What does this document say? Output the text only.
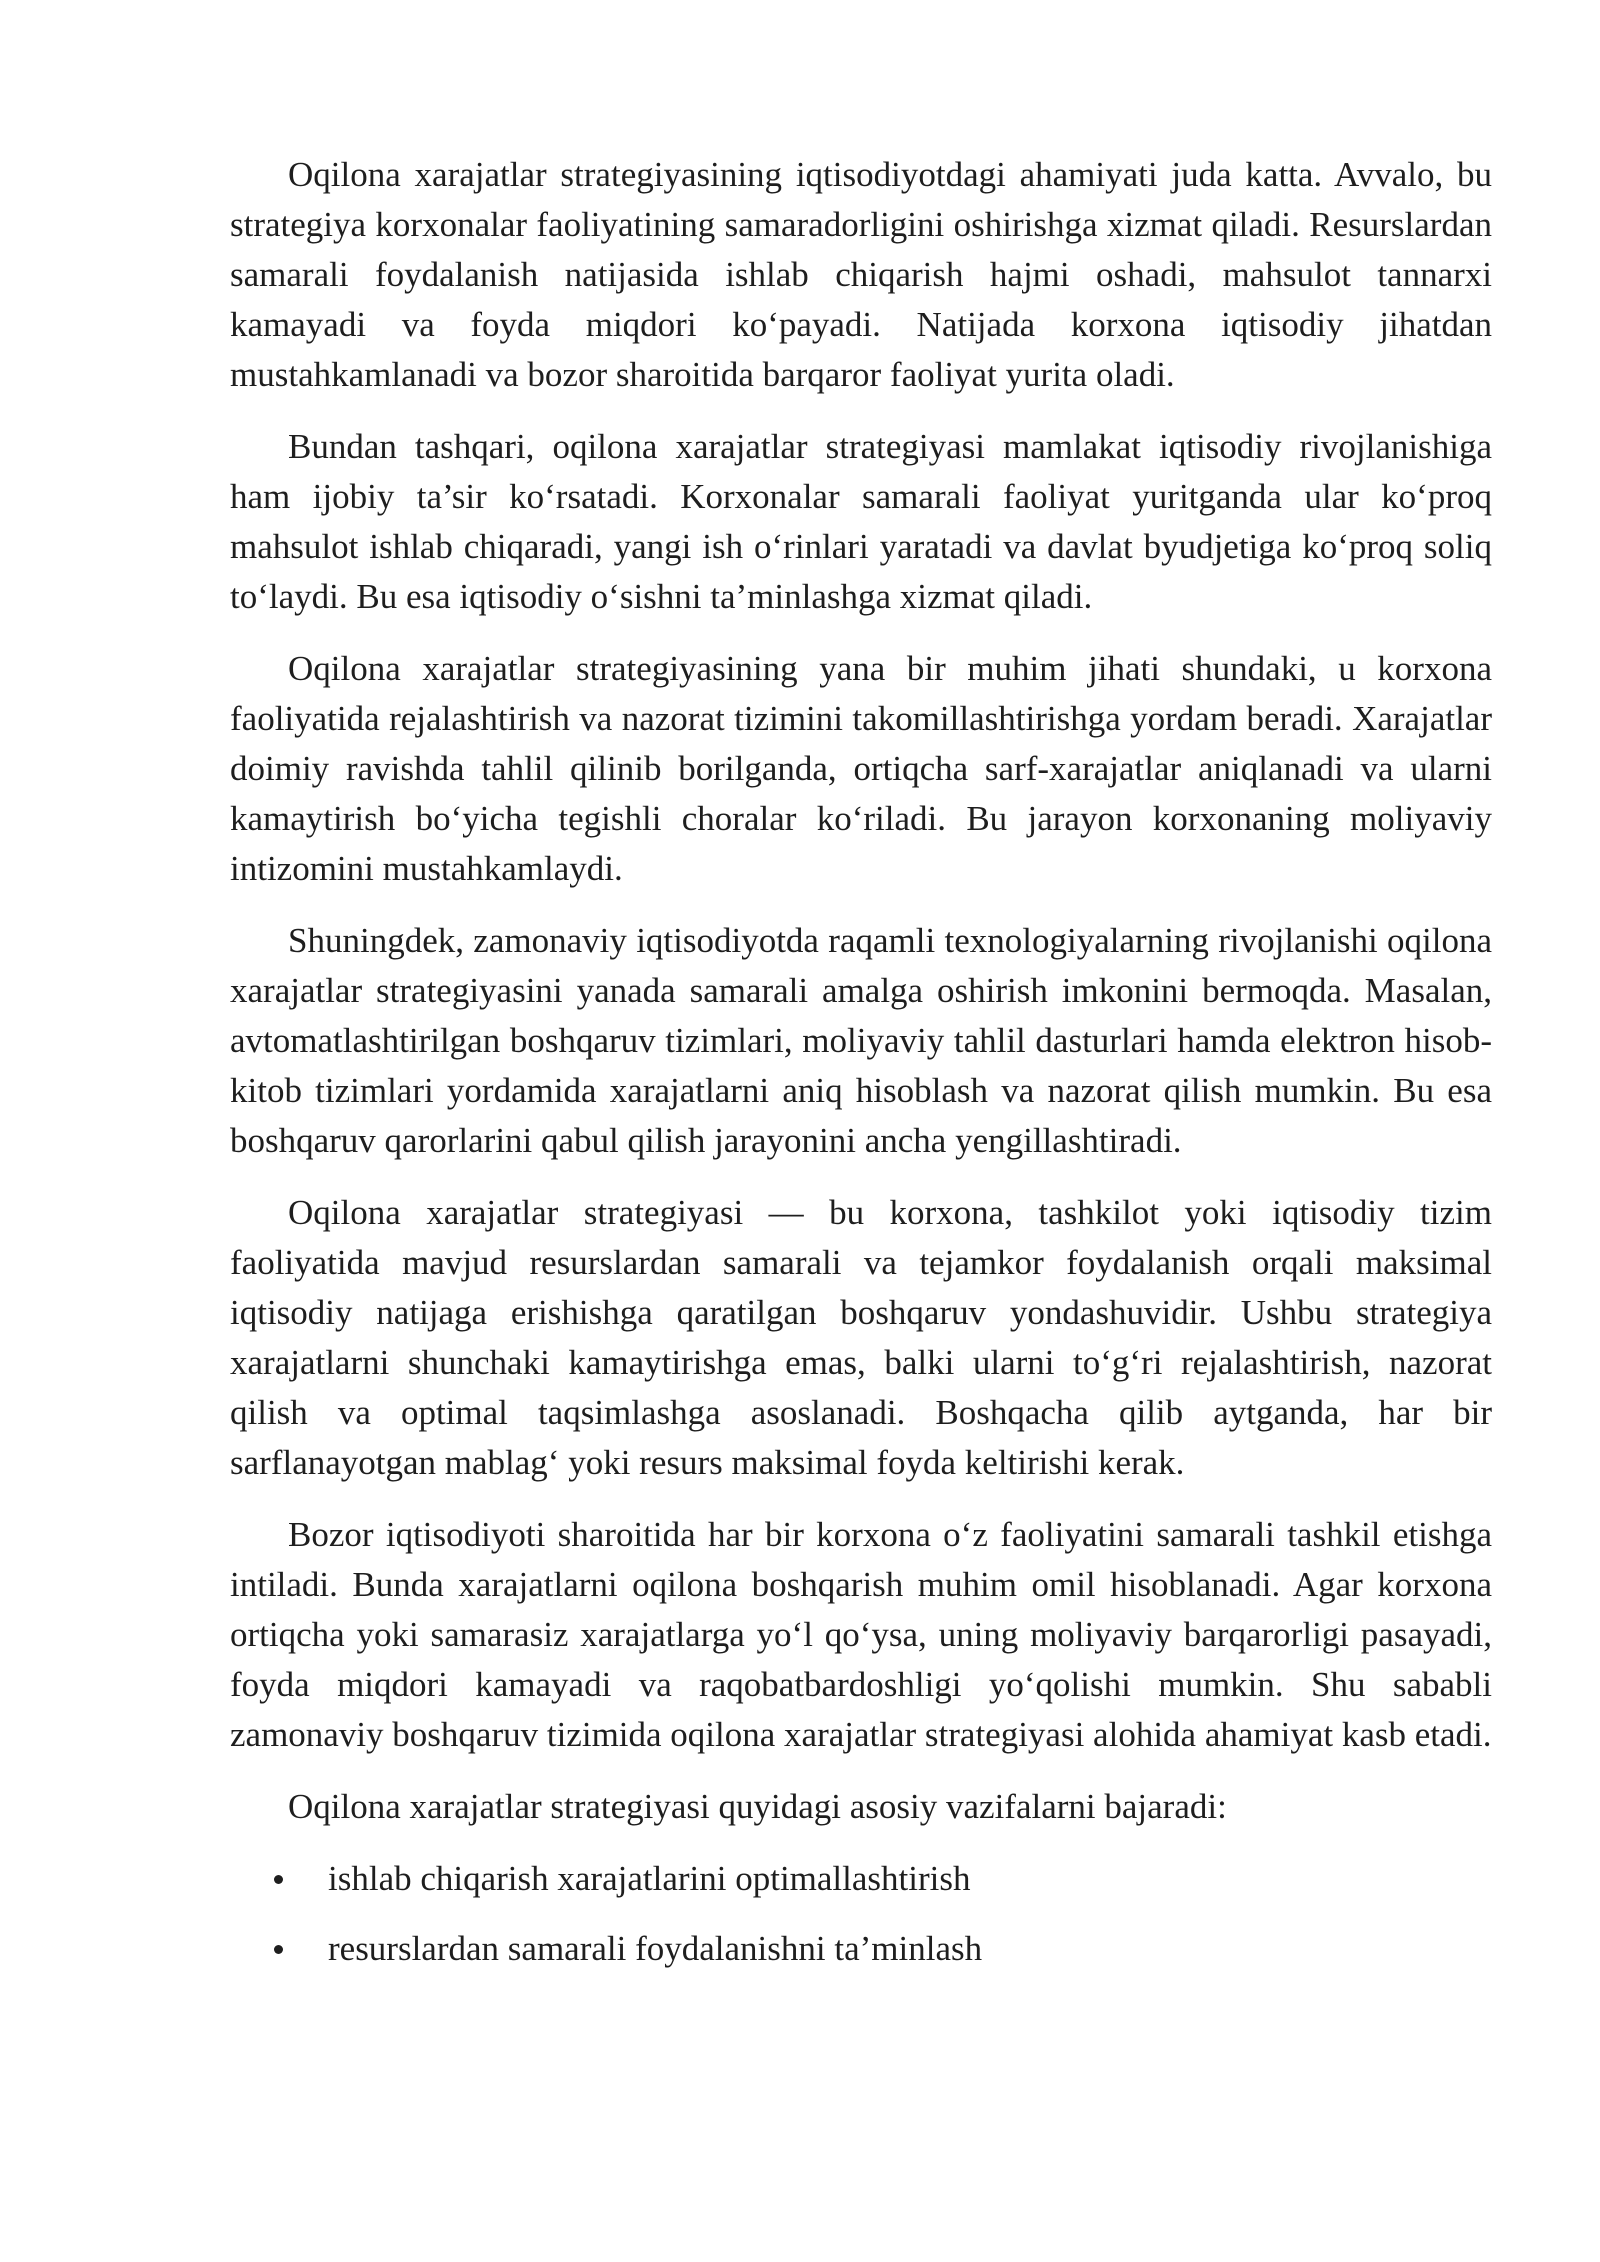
Oqilona xarajatlar strategiyasining iqtisodiyotdagi ahamiyati juda katta. Avvalo, bu strategiya korxonalar faoliyatining samaradorligini oshirishga xizmat qiladi. Resurslardan samarali foydalanish natijasida ishlab chiqarish hajmi oshadi, mahsulot tannarxi kamayadi va foyda miqdori ko‘payadi. Natijada korxona iqtisodiy jihatdan mustahkamlanadi va bozor sharoitida barqaror faoliyat yurita oladi.

Bundan tashqari, oqilona xarajatlar strategiyasi mamlakat iqtisodiy rivojlanishiga ham ijobiy ta’sir ko‘rsatadi. Korxonalar samarali faoliyat yuritganda ular ko‘proq mahsulot ishlab chiqaradi, yangi ish o‘rinlari yaratadi va davlat byudjetiga ko‘proq soliq to‘laydi. Bu esa iqtisodiy o‘sishni ta’minlashga xizmat qiladi.

Oqilona xarajatlar strategiyasining yana bir muhim jihati shundaki, u korxona faoliyatida rejalashtirish va nazorat tizimini takomillashtirishga yordam beradi. Xarajatlar doimiy ravishda tahlil qilinib borilganda, ortiqcha sarf-xarajatlar aniqlanadi va ularni kamaytirish bo‘yicha tegishli choralar ko‘riladi. Bu jarayon korxonaning moliyaviy intizomini mustahkamlaydi.

Shuningdek, zamonaviy iqtisodiyotda raqamli texnologiyalarning rivojlanishi oqilona xarajatlar strategiyasini yanada samarali amalga oshirish imkonini bermoqda. Masalan, avtomatlashtirilgan boshqaruv tizimlari, moliyaviy tahlil dasturlari hamda elektron hisob-kitob tizimlari yordamida xarajatlarni aniq hisoblash va nazorat qilish mumkin. Bu esa boshqaruv qarorlarini qabul qilish jarayonini ancha yengillashtiradi.

Oqilona xarajatlar strategiyasi — bu korxona, tashkilot yoki iqtisodiy tizim faoliyatida mavjud resurslardan samarali va tejamkor foydalanish orqali maksimal iqtisodiy natijaga erishishga qaratilgan boshqaruv yondashuvidir. Ushbu strategiya xarajatlarni shunchaki kamaytirishga emas, balki ularni to‘g‘ri rejalashtirish, nazorat qilish va optimal taqsimlashga asoslanadi. Boshqacha qilib aytganda, har bir sarflanayotgan mablag‘ yoki resurs maksimal foyda keltirishi kerak.

Bozor iqtisodiyoti sharoitida har bir korxona o‘z faoliyatini samarali tashkil etishga intiladi. Bunda xarajatlarni oqilona boshqarish muhim omil hisoblanadi. Agar korxona ortiqcha yoki samarasiz xarajatlarga yo‘l qo‘ysa, uning moliyaviy barqarorligi pasayadi, foyda miqdori kamayadi va raqobatbardoshligi yo‘qolishi mumkin. Shu sababli zamonaviy boshqaruv tizimida oqilona xarajatlar strategiyasi alohida ahamiyat kasb etadi.

Oqilona xarajatlar strategiyasi quyidagi asosiy vazifalarni bajaradi:

ishlab chiqarish xarajatlarini optimallashtirish
resurslardan samarali foydalanishni ta’minlash
